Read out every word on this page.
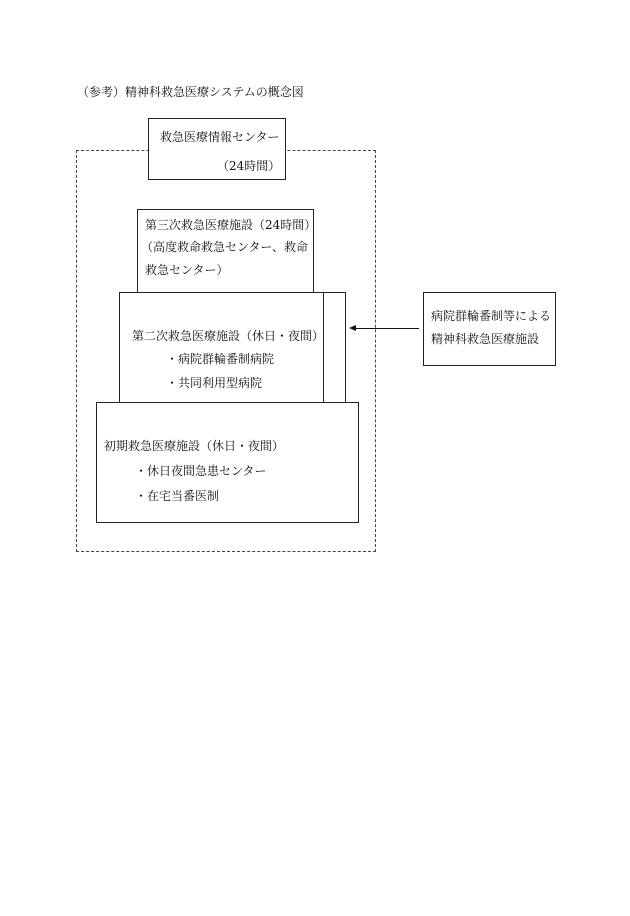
（参考）精神科救急医療システムの概念図
第三次救急医療施設（24時間）
（高度救命救急センター、救命
救急センター）
第二次救急医療施設（休日・夜間）
・病院群輪番制病院
・共同利用型病院
初期救急医療施設（休日・夜間）
・休日夜間急患センター
・在宅当番医制
救急医療情報センター
（24時間）
病院群輪番制等による
精神科救急医療施設
